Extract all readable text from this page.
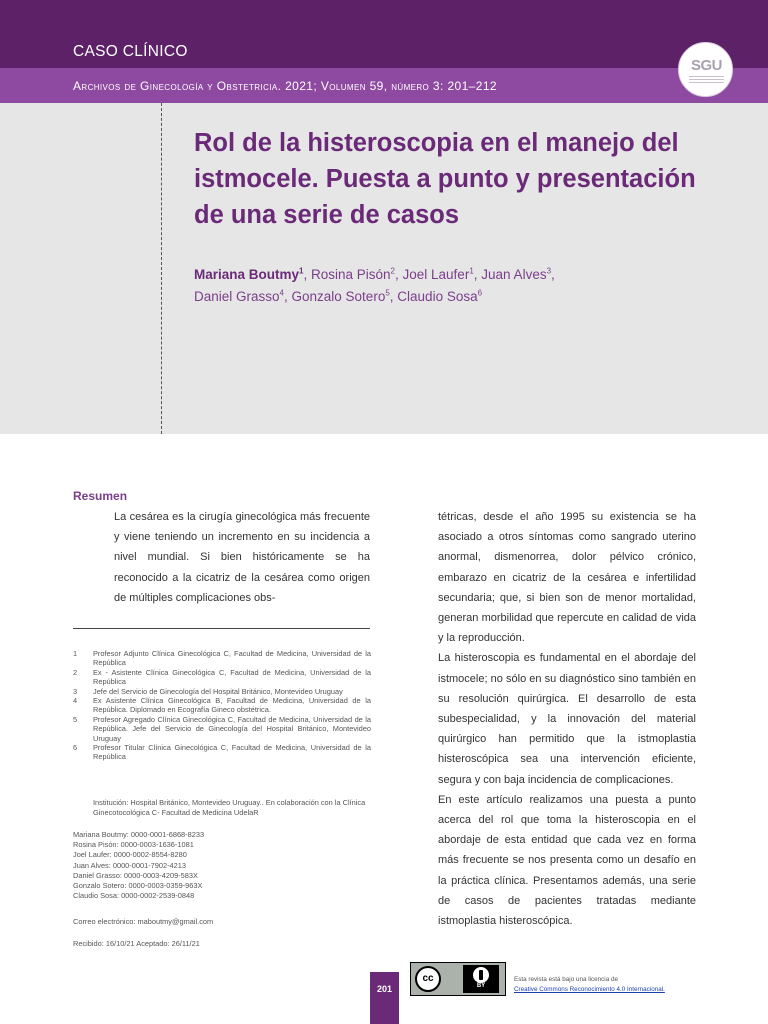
CASO CLÍNICO
Archivos de Ginecología y Obstetricia. 2021; Volumen 59, número 3: 201–212
SGU
Rol de la histeroscopia en el manejo del istmocele. Puesta a punto y presentación de una serie de casos
Mariana Boutmy$^1$, Rosina Pisón$^2$, Joel Laufer$^1$, Juan Alves$^3$,
Daniel Grasso$^4$, Gonzalo Sotero$^5$, Claudio Sosa$^6$
Resumen
La cesárea es la cirugía ginecológica más frecuente y viene teniendo un incremento en su incidencia a nivel mundial. Si bien históricamente se ha reconocido a la cicatriz de la cesárea como origen de múltiples complicaciones obs-

tétricas, desde el año 1995 su existencia se ha asociado a otros síntomas como sangrado uterino anormal, dismenorrea, dolor pélvico crónico, embarazo en cicatriz de la cesárea e infertilidad secundaria; que, si bien son de menor mortalidad, generan morbilidad que repercute en calidad de vida y la reproducción.

La histeroscopia es fundamental en el abordaje del istmocele; no sólo en su diagnóstico sino también en su resolución quirúrgica. El desarrollo de esta subespecialidad, y la innovación del material quirúrgico han permitido que la istmoplastia histeroscópica sea una intervención eficiente, segura y con baja incidencia de complicaciones.

En este artículo realizamos una puesta a punto acerca del rol que toma la histeroscopia en el abordaje de esta entidad que cada vez en forma más frecuente se nos presenta como un desafío en la práctica clínica. Presentamos además, una serie de casos de pacientes tratadas mediante istmoplastia histeroscópica.

1 Profesor Adjunto Clínica Ginecológica C, Facultad de Medicina, Universidad de la República
2 Ex - Asistente Clínica Ginecológica C, Facultad de Medicina, Universidad de la República
3 Jefe del Servicio de Ginecología del Hospital Británico, Montevideo Uruguay
4 Ex Asistente Clínica Ginecológica B, Facultad de Medicina, Universidad de la República. Diplomado en Ecografía Gineco obstétrica.
5 Profesor Agregado Clínica Ginecológica C, Facultad de Medicina, Universidad de la República. Jefe del Servicio de Ginecología del Hospital Británico, Montevideo Uruguay
6 Profesor Titular Clínica Ginecológica C, Facultad de Medicina, Universidad de la República
Institución: Hospital Británico, Montevideo Uruguay.. En colaboración con la Clínica Ginecotocológica C- Facultad de Medicina UdelaR
Mariana Boutmy: 0000-0001-6868-8233
Rosina Pisón: 0000-0003-1636-1081
Joel Laufer: 0000-0002-8554-8280
Juan Alves: 0000-0001-7902-4213
Daniel Grasso: 0000-0003-4209-583X
Gonzalo Sotero: 0000-0003-0359-963X
Claudio Sosa: 0000-0002-2539-0848
Correo electrónico: maboutmy@gmail.com
Recibido: 16/10/21 Aceptado: 26/11/21
201
cc
BY
Esta revista está bajo una licencia de
Creative Commons Reconocimiento 4.0 Internacional.
